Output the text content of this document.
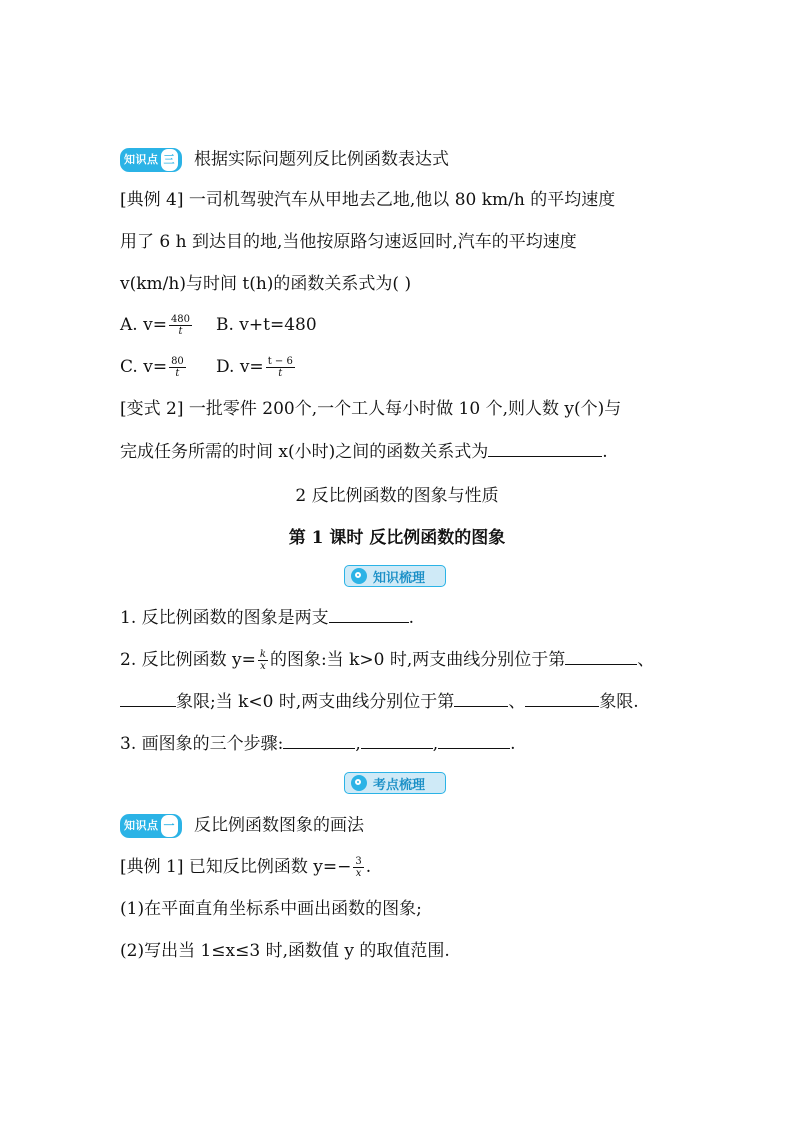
知识点 三 根据实际问题列反比例函数表达式
[典例 4] 一司机驾驶汽车从甲地去乙地,他以 80 km/h 的平均速度
用了 6 h 到达目的地,当他按原路匀速返回时,汽车的平均速度
v(km/h)与时间 t(h)的函数关系式为( )
A. $v= \frac{480}{t} B$. v+t=480
C. $v= \frac{80}{t} D$. $v= \frac{t - 6}{t}$
[变式 2] 一批零件 200个,一个工人每小时做 10 个,则人数 y(个)与
完成任务所需的时间 x(小时)之间的函数关系式为	.
2 反比例函数的图象与性质
第 1 课时 反比例函数的图象
知识梳理
1. 反比例函数的图象是两支	.
2. 反比例函数 $y= \frac{k}{x}$ 的图象:当 k>0 时,两支曲线分别位于第	、
象限;当 k<0 时,两支曲线分别位于第	、	象限.
3. 画图象的三个步骤:	,	,	.
考点梳理
知识点 一 反比例函数图象的画法
[典例 1] 已知反比例函数 $y=- \frac{3}{x}$ .
(1)在平面直角坐标系中画出函数的图象;
(2)写出当 1≤x≤3 时,函数值 y 的取值范围.
